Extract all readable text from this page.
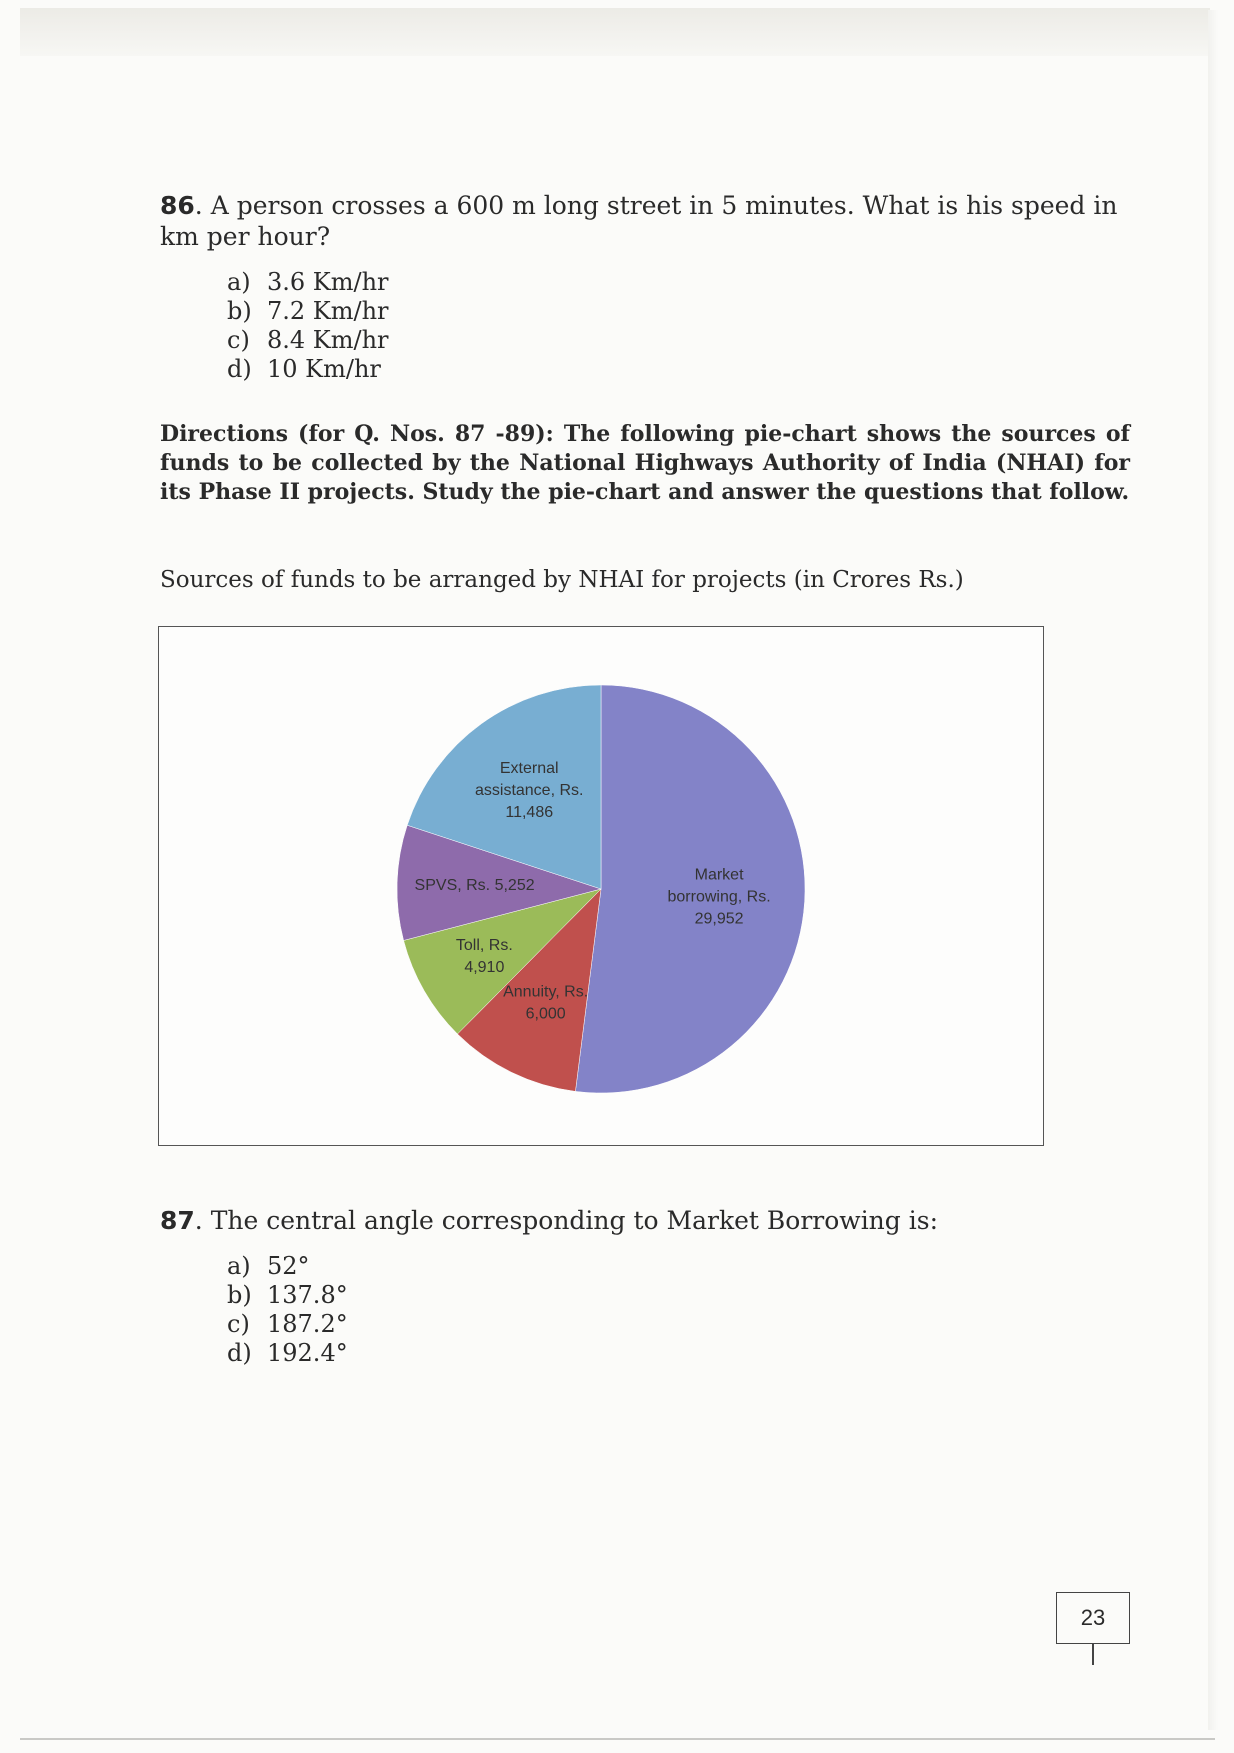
86. A person crosses a 600 m long street in 5 minutes. What is his speed in km per hour?

a) 3.6 Km/hr
b) 7.2 Km/hr
c) 8.4 Km/hr
d) 10 Km/hr

Directions (for Q. Nos. 87 -89): The following pie-chart shows the sources of funds to be collected by the National Highways Authority of India (NHAI) for its Phase II projects. Study the pie-chart and answer the questions that follow.

Sources of funds to be arranged by NHAI for projects (in Crores Rs.)

Market borrowing, Rs. 29,952
Annuity, Rs. 6,000
Toll, Rs. 4,910
SPVS, Rs. 5,252
External assistance, Rs. 11,486

87. The central angle corresponding to Market Borrowing is:

a) 52°
b) 137.8°
c) 187.2°
d) 192.4°
23
